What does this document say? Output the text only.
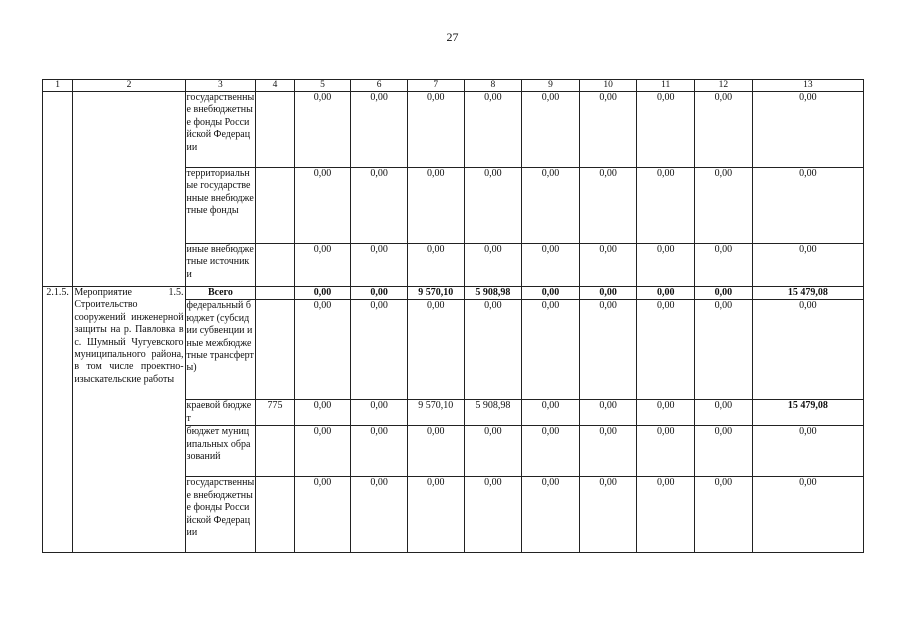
27
1	2	3	4	5	6	7	8	9	10	11	12	13
		государственные внебюджетные фонды Российской Федерации		0,00	0,00	0,00	0,00	0,00	0,00	0,00	0,00	0,00
		территориальные государственные внебюджетные фонды		0,00	0,00	0,00	0,00	0,00	0,00	0,00	0,00	0,00
		иные внебюджетные источники		0,00	0,00	0,00	0,00	0,00	0,00	0,00	0,00	0,00
2.1.5.	Мероприятие 1.5. Строительство сооружений инженерной защиты на р. Павловка в с. Шумный Чугуевского муниципального района, в том числе проектно-изыскательские работы	Всего		0,00	0,00	9 570,10	5 908,98	0,00	0,00	0,00	0,00	15 479,08
		федеральный бюджет (субсидии субвенции иные межбюджетные трансферты)		0,00	0,00	0,00	0,00	0,00	0,00	0,00	0,00	0,00
		краевой бюджет	775	0,00	0,00	9 570,10	5 908,98	0,00	0,00	0,00	0,00	15 479,08
		бюджет муниципальных образований		0,00	0,00	0,00	0,00	0,00	0,00	0,00	0,00	0,00
		государственные внебюджетные фонды Российской Федерации		0,00	0,00	0,00	0,00	0,00	0,00	0,00	0,00	0,00
